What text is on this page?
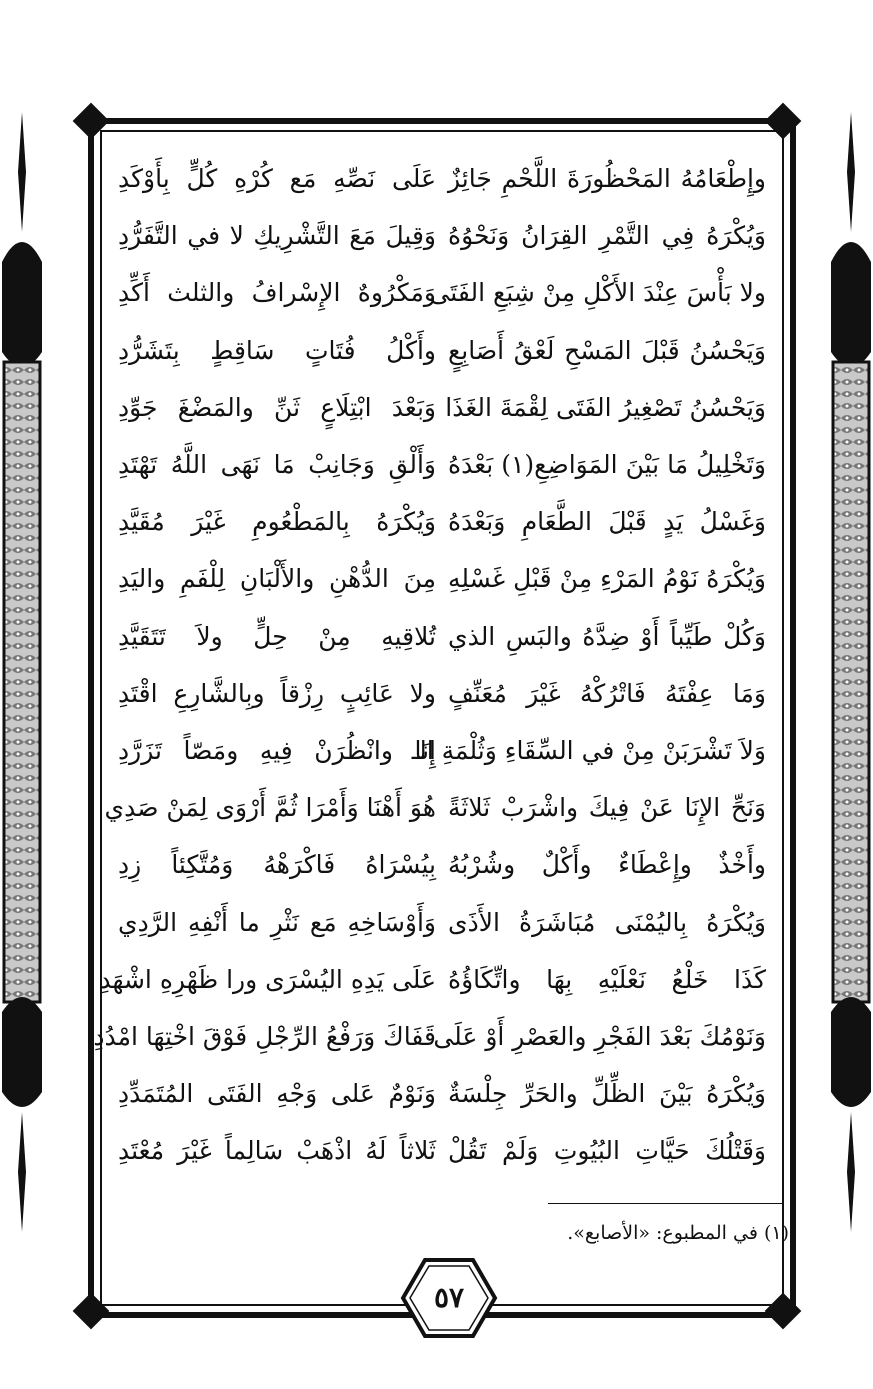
وإِطْعَامُهُ المَحْظُورَةَ اللَّحْمِ جَائِزٌ
عَلَى نَصِّهِ مَع كُرْهِ كُلٍّ بِأَوْكَدِ
وَيُكْرَهُ فِي التَّمْرِ القِرَانُ وَنَحْوُهُ
وَقِيلَ مَعَ التَّشْرِيكِ لا في التَّفَرُّدِ
ولا بَأْسَ عِنْدَ الأَكْلِ مِنْ شِبَعِ الفَتَى
وَمَكْرُوهٌ الإِسْرافُ والثلث أَكِّدِ
وَيَحْسُنُ قَبْلَ المَسْحِ لَعْقُ أَصَابِعٍ
وأَكْلُ فُتَاتٍ سَاقِطٍ بِتَشَرُّدِ
وَيَحْسُنُ تَصْغِيرُ الفَتَى لِقْمَةَ الغَذَا
وَبَعْدَ ابْتِلَاعٍ ثَنِّ والمَضْغَ جَوِّدِ
وَتَخْلِيلُ مَا بَيْنَ المَوَاضِعِ(١) بَعْدَهُ
وَأَلْقِ وَجَانِبْ مَا نَهَى اللَّهُ تَهْتَدِ
وَغَسْلُ يَدٍ قَبْلَ الطَّعَامِ وَبَعْدَهُ
وَيُكْرَهُ بِالمَطْعُومِ غَيْرَ مُقَيَّدِ
وَيُكْرَهُ نَوْمُ المَرْءِ مِنْ قَبْلِ غَسْلِهِ
مِنَ الدُّهْنِ والأَلْبَانِ لِلْفَمِ واليَدِ
وَكُلْ طَيِّباً أَوْ ضِدَّهُ والبَسِ الذي
تُلاقِيهِ مِنْ حِلٍّ ولاَ تَتَقَيَّدِ
وَمَا عِفْتَهُ فَاتْرُكْهُ غَيْرَ مُعَنِّفٍ
ولا عَائِبٍ رِزْقاً وبِالشَّارِعِ اقْتَدِ
وَلاَ تَشْرَبَنْ مِنْ في السِّقَاءِ وَثُلْمَةِ الـ
إِنَا وانْظُرَنْ فِيهِ ومَصّاً تَزَرَّدِ
وَنَحِّ الإِنَا عَنْ فِيكَ واشْرَبْ ثَلاثَةً
هُوَ أَهْنَا وَأَمْرَا ثُمَّ أَرْوَى لِمَنْ صَدِي
وأَخْذٌ وإِعْطَاءٌ وأَكْلٌ وشُرْبُهُ
بِيُسْرَاهُ فَاكْرَهْهُ وَمُتَّكِئاً زِدِ
وَيُكْرَهُ بِاليُمْنَى مُبَاشَرَةُ الأَذَى
وَأَوْسَاخِهِ مَع نَثْرِ ما أَنْفِهِ الرَّدِي
كَذَا خَلْعُ نَعْلَيْهِ بِهَا واتِّكَاؤُهُ
عَلَى يَدِهِ اليُسْرَى ورا ظَهْرِهِ اشْهَدِ
وَنَوْمُكَ بَعْدَ الفَجْرِ والعَصْرِ أَوْ عَلَى
قَفَاكَ وَرَفْعُ الرِّجْلِ فَوْقَ اخْتِهَا امْدُدِ
وَيُكْرَهُ بَيْنَ الظِّلِّ والحَرِّ جِلْسَةٌ
وَنَوْمٌ عَلى وَجْهِ الفَتَى المُتَمَدِّدِ
وَقَتْلُكَ حَيَّاتِ البُيُوتِ وَلَمْ تَقُلْ
ثَلاثاً لَهُ اذْهَبْ سَالِماً غَيْرَ مُعْتَدِ
(١) في المطبوع: «الأصابع».
٥٧
